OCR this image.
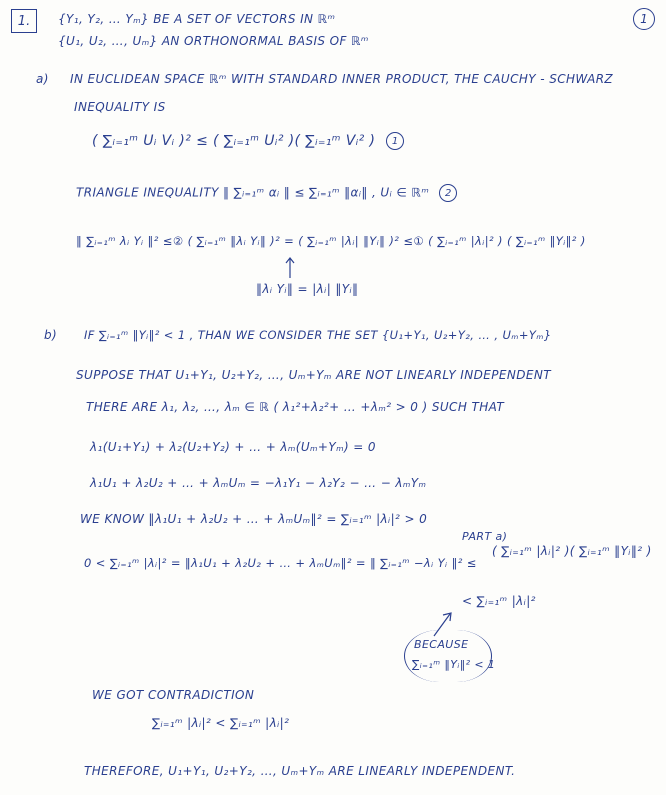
1.	1
{Y₁, Y₂, … Yₘ} BE A SET OF VECTORS IN ℝᵐ
{U₁, U₂, …, Uₘ} AN ORTHONORMAL BASIS OF ℝᵐ
a) IN EUCLIDEAN SPACE ℝᵐ WITH STANDARD INNER PRODUCT, THE CAUCHY - SCHWARZ
INEQUALITY IS
( ∑ᵢ₌₁ᵐ Uᵢ Vᵢ )² ≤ ( ∑ᵢ₌₁ᵐ Uᵢ² )( ∑ᵢ₌₁ᵐ Vᵢ² ) 1
TRIANGLE INEQUALITY ‖ ∑ᵢ₌₁ᵐ αᵢ ‖ ≤ ∑ᵢ₌₁ᵐ ‖αᵢ‖ , Uᵢ ∈ ℝᵐ 2
‖ ∑ᵢ₌₁ᵐ λᵢ Yᵢ ‖² ≤② ( ∑ᵢ₌₁ᵐ ‖λᵢ Yᵢ‖ )² = ( ∑ᵢ₌₁ᵐ |λᵢ| ‖Yᵢ‖ )² ≤① ( ∑ᵢ₌₁ᵐ |λᵢ|² ) ( ∑ᵢ₌₁ᵐ ‖Yᵢ‖² )
‖λᵢ Yᵢ‖ = |λᵢ| ‖Yᵢ‖
b) IF ∑ᵢ₌₁ᵐ ‖Yᵢ‖² < 1 , THAN WE CONSIDER THE SET {U₁+Y₁, U₂+Y₂, … , Uₘ+Yₘ}
SUPPOSE THAT U₁+Y₁, U₂+Y₂, …, Uₘ+Yₘ ARE NOT LINEARLY INDEPENDENT
THERE ARE λ₁, λ₂, …, λₘ ∈ ℝ ( λ₁²+λ₂²+ … +λₘ² > 0 ) SUCH THAT
λ₁(U₁+Y₁) + λ₂(U₂+Y₂) + … + λₘ(Uₘ+Yₘ) = 0
λ₁U₁ + λ₂U₂ + … + λₘUₘ = −λ₁Y₁ − λ₂Y₂ − … − λₘYₘ
WE KNOW ‖λ₁U₁ + λ₂U₂ + … + λₘUₘ‖² = ∑ᵢ₌₁ᵐ |λᵢ|² > 0
PART a)
0 < ∑ᵢ₌₁ᵐ |λᵢ|² = ‖λ₁U₁ + λ₂U₂ + … + λₘUₘ‖² = ‖ ∑ᵢ₌₁ᵐ −λᵢ Yᵢ ‖² ≤
( ∑ᵢ₌₁ᵐ |λᵢ|² )( ∑ᵢ₌₁ᵐ ‖Yᵢ‖² )
< ∑ᵢ₌₁ᵐ |λᵢ|²
BECAUSE
∑ᵢ₌₁ᵐ ‖Yᵢ‖² < 1
WE GOT CONTRADICTION
∑ᵢ₌₁ᵐ |λᵢ|² < ∑ᵢ₌₁ᵐ |λᵢ|²
THEREFORE, U₁+Y₁, U₂+Y₂, …, Uₘ+Yₘ ARE LINEARLY INDEPENDENT.
